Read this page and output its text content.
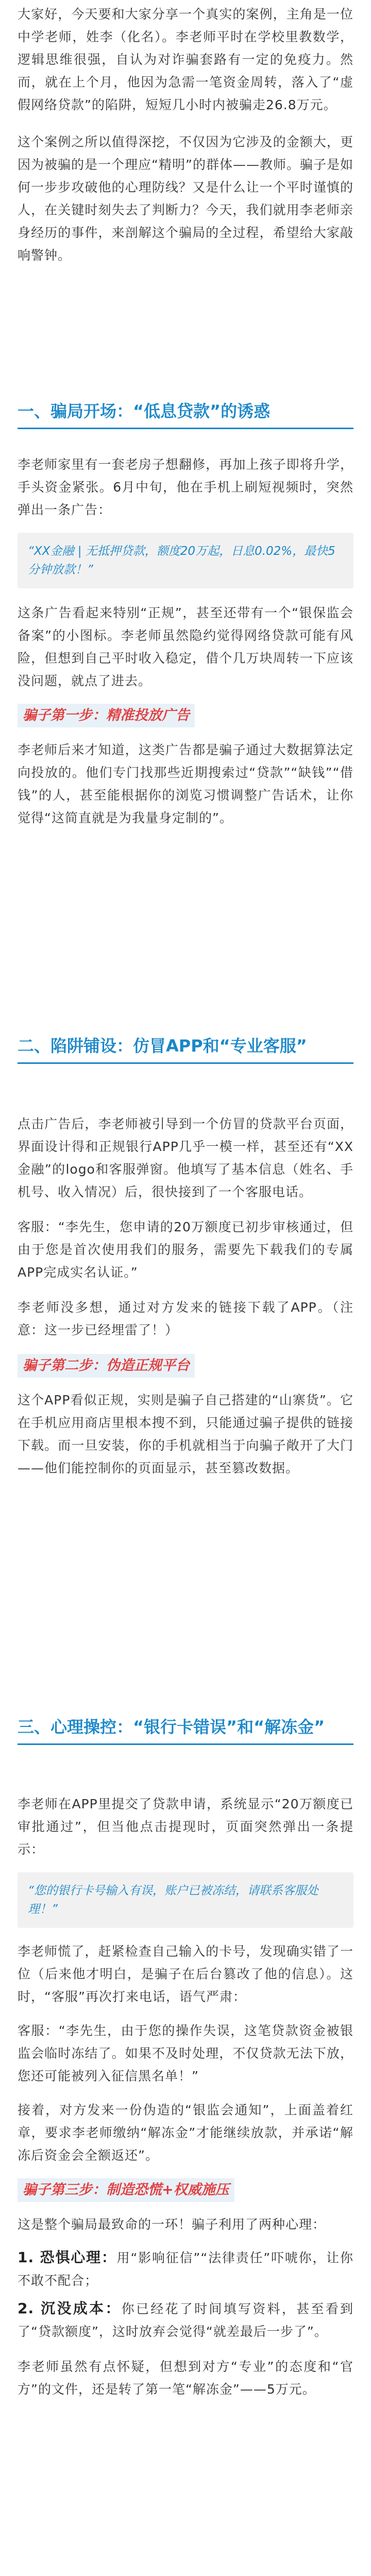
大家好，今天要和大家分享一个真实的案例，主角是一位中学老师，姓李（化名）。李老师平时在学校里教数学，逻辑思维很强，自认为对诈骗套路有一定的免疫力。然而，就在上个月，他因为急需一笔资金周转，落入了“虚假网络贷款”的陷阱，短短几小时内被骗走26.8万元。

这个案例之所以值得深挖，不仅因为它涉及的金额大，更因为被骗的是一个理应“精明”的群体——教师。骗子是如何一步步攻破他的心理防线？又是什么让一个平时谨慎的人，在关键时刻失去了判断力？今天，我们就用李老师亲身经历的事件，来剖解这个骗局的全过程，希望给大家敲响警钟。

一、骗局开场：“低息贷款”的诱惑

李老师家里有一套老房子想翻修，再加上孩子即将升学，手头资金紧张。6月中旬，他在手机上刷短视频时，突然弹出一条广告：

“XX金融 | 无抵押贷款，额度20万起，日息0.02%，最快5分钟放款！”

这条广告看起来特别“正规”，甚至还带有一个“银保监会备案”的小图标。李老师虽然隐约觉得网络贷款可能有风险，但想到自己平时收入稳定，借个几万块周转一下应该没问题，就点了进去。

骗子第一步：精准投放广告

李老师后来才知道，这类广告都是骗子通过大数据算法定向投放的。他们专门找那些近期搜索过“贷款”“缺钱”“借钱”的人，甚至能根据你的浏览习惯调整广告话术，让你觉得“这简直就是为我量身定制的”。

二、陷阱铺设：仿冒APP和“专业客服”

点击广告后，李老师被引导到一个仿冒的贷款平台页面，界面设计得和正规银行APP几乎一模一样，甚至还有“XX金融”的logo和客服弹窗。他填写了基本信息（姓名、手机号、收入情况）后，很快接到了一个客服电话。

客服：“李先生，您申请的20万额度已初步审核通过，但由于您是首次使用我们的服务，需要先下载我们的专属APP完成实名认证。”

李老师没多想，通过对方发来的链接下载了APP。（注意：这一步已经埋雷了！）

骗子第二步：伪造正规平台

这个APP看似正规，实则是骗子自己搭建的“山寨货”。它在手机应用商店里根本搜不到，只能通过骗子提供的链接下载。而一旦安装，你的手机就相当于向骗子敞开了大门——他们能控制你的页面显示，甚至篡改数据。

三、心理操控：“银行卡错误”和“解冻金”

李老师在APP里提交了贷款申请，系统显示“20万额度已审批通过”，但当他点击提现时，页面突然弹出一条提示：

“您的银行卡号输入有误，账户已被冻结，请联系客服处理！”

李老师慌了，赶紧检查自己输入的卡号，发现确实错了一位（后来他才明白，是骗子在后台篡改了他的信息）。这时，“客服”再次打来电话，语气严肃：

客服：“李先生，由于您的操作失误，这笔贷款资金被银监会临时冻结了。如果不及时处理，不仅贷款无法下放，您还可能被列入征信黑名单！”

接着，对方发来一份伪造的“银监会通知”，上面盖着红章，要求李老师缴纳“解冻金”才能继续放款，并承诺“解冻后资金会全额返还”。

骗子第三步：制造恐慌+权威施压

这是整个骗局最致命的一环！骗子利用了两种心理：

1. 恐惧心理：用“影响征信”“法律责任”吓唬你，让你不敢不配合；

2. 沉没成本：你已经花了时间填写资料，甚至看到了“贷款额度”，这时放弃会觉得“就差最后一步了”。

李老师虽然有点怀疑，但想到对方“专业”的态度和“官方”的文件，还是转了第一笔“解冻金”——5万元。
